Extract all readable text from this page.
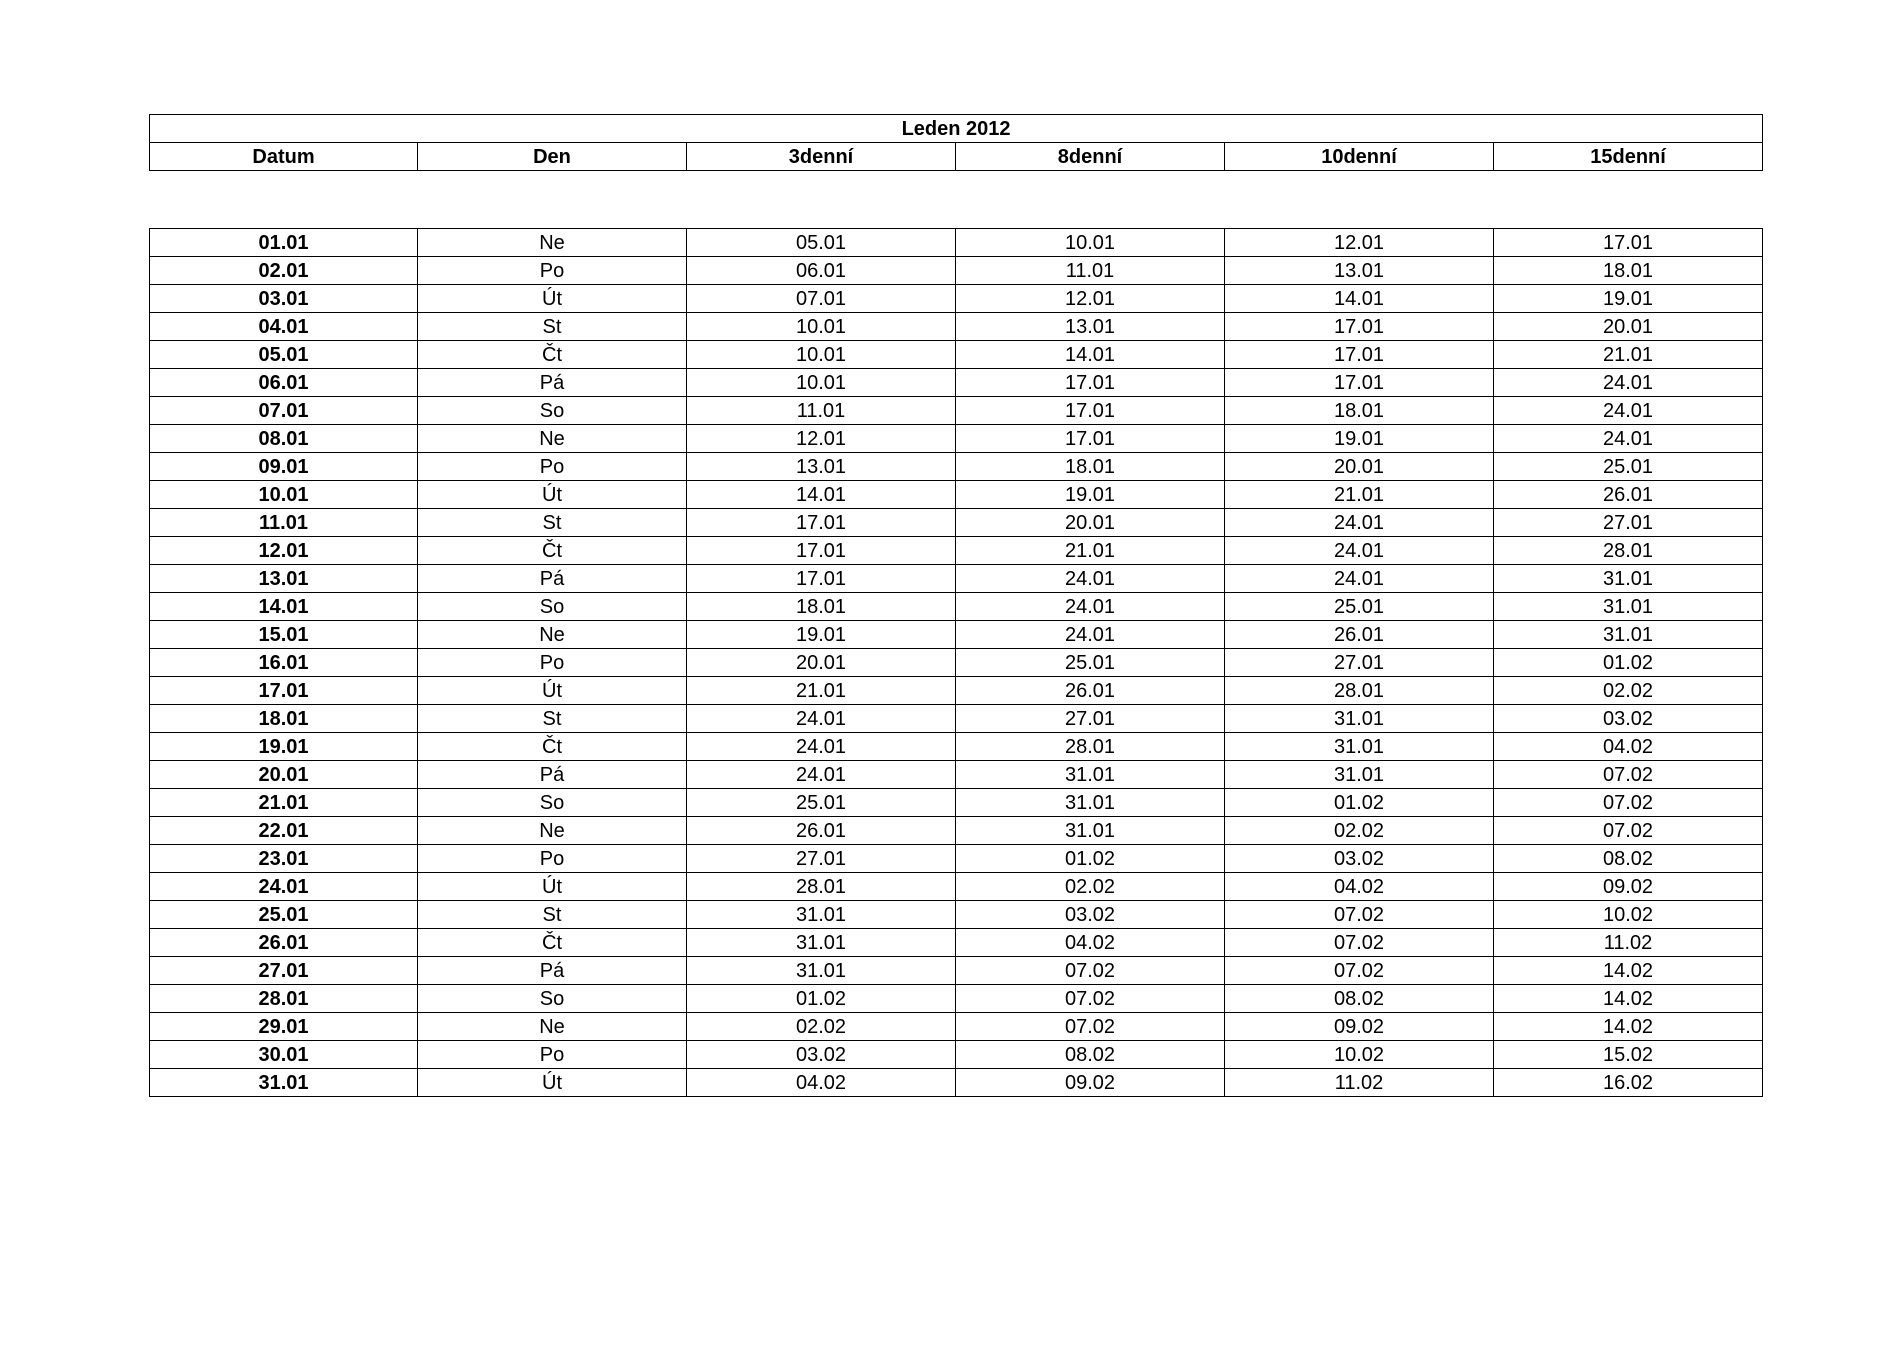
Leden 2012
Datum	Den	3denní	8denní	10denní	15denní
01.01	Ne	05.01	10.01	12.01	17.01
02.01	Po	06.01	11.01	13.01	18.01
03.01	Út	07.01	12.01	14.01	19.01
04.01	St	10.01	13.01	17.01	20.01
05.01	Čt	10.01	14.01	17.01	21.01
06.01	Pá	10.01	17.01	17.01	24.01
07.01	So	11.01	17.01	18.01	24.01
08.01	Ne	12.01	17.01	19.01	24.01
09.01	Po	13.01	18.01	20.01	25.01
10.01	Út	14.01	19.01	21.01	26.01
11.01	St	17.01	20.01	24.01	27.01
12.01	Čt	17.01	21.01	24.01	28.01
13.01	Pá	17.01	24.01	24.01	31.01
14.01	So	18.01	24.01	25.01	31.01
15.01	Ne	19.01	24.01	26.01	31.01
16.01	Po	20.01	25.01	27.01	01.02
17.01	Út	21.01	26.01	28.01	02.02
18.01	St	24.01	27.01	31.01	03.02
19.01	Čt	24.01	28.01	31.01	04.02
20.01	Pá	24.01	31.01	31.01	07.02
21.01	So	25.01	31.01	01.02	07.02
22.01	Ne	26.01	31.01	02.02	07.02
23.01	Po	27.01	01.02	03.02	08.02
24.01	Út	28.01	02.02	04.02	09.02
25.01	St	31.01	03.02	07.02	10.02
26.01	Čt	31.01	04.02	07.02	11.02
27.01	Pá	31.01	07.02	07.02	14.02
28.01	So	01.02	07.02	08.02	14.02
29.01	Ne	02.02	07.02	09.02	14.02
30.01	Po	03.02	08.02	10.02	15.02
31.01	Út	04.02	09.02	11.02	16.02
